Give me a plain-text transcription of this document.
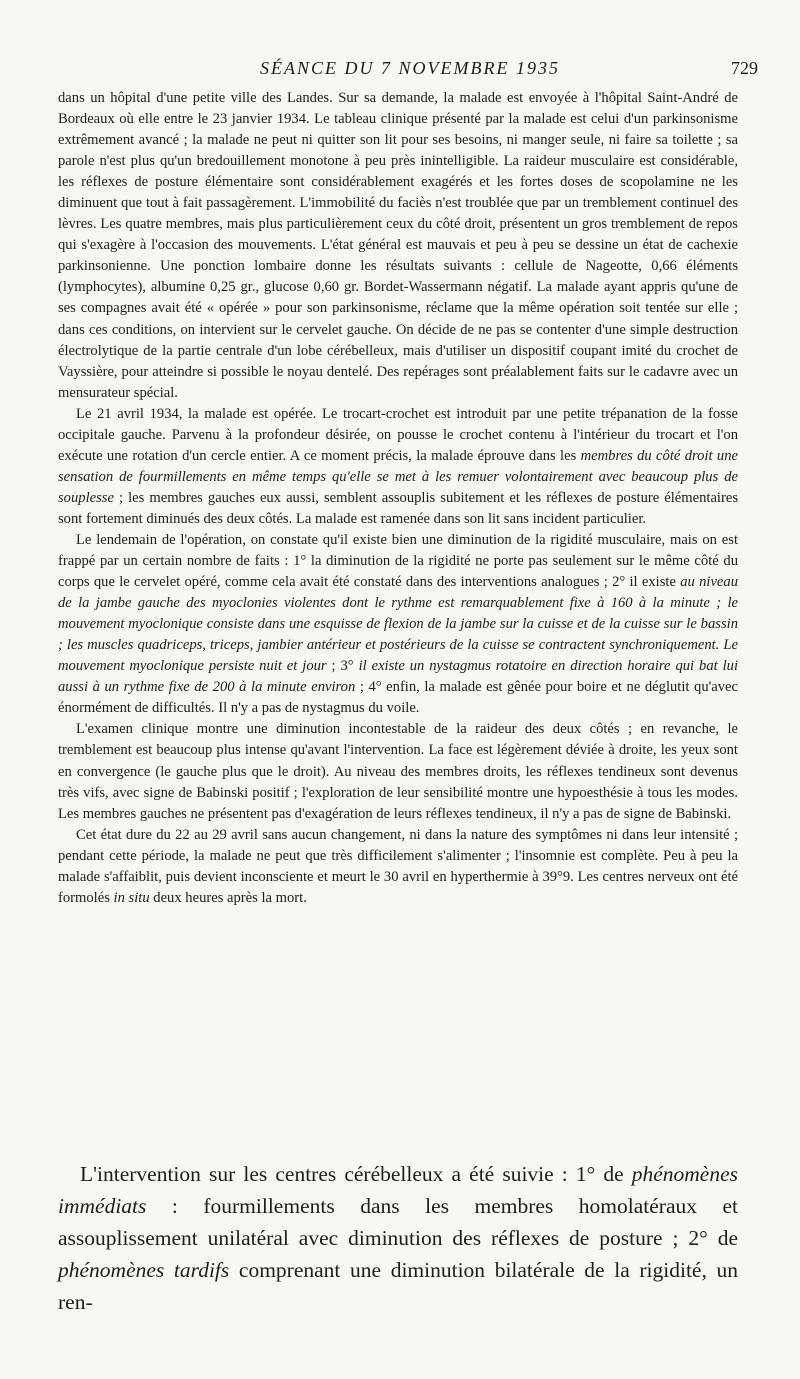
SÉANCE DU 7 NOVEMBRE 1935	729

dans un hôpital d'une petite ville des Landes. Sur sa demande, la malade est envoyée à l'hôpital Saint-André de Bordeaux où elle entre le 23 janvier 1934. Le tableau clinique présenté par la malade est celui d'un parkinsonisme extrêmement avancé ; la malade ne peut ni quitter son lit pour ses besoins, ni manger seule, ni faire sa toilette ; sa parole n'est plus qu'un bredouillement monotone à peu près inintelligible. La raideur musculaire est considérable, les réflexes de posture élémentaire sont considérablement exagérés et les fortes doses de scopolamine ne les diminuent que tout à fait passagèrement. L'immobilité du faciès n'est troublée que par un tremblement continuel des lèvres. Les quatre membres, mais plus particulièrement ceux du côté droit, présentent un gros tremblement de repos qui s'exagère à l'occasion des mouvements. L'état général est mauvais et peu à peu se dessine un état de cachexie parkinsonienne. Une ponction lombaire donne les résultats suivants : cellule de Nageotte, 0,66 éléments (lymphocytes), albumine 0,25 gr., glucose 0,60 gr. Bordet-Wassermann négatif. La malade ayant appris qu'une de ses compagnes avait été « opérée » pour son parkinsonisme, réclame que la même opération soit tentée sur elle ; dans ces conditions, on intervient sur le cervelet gauche. On décide de ne pas se contenter d'une simple destruction électrolytique de la partie centrale d'un lobe cérébelleux, mais d'utiliser un dispositif coupant imité du crochet de Vayssière, pour atteindre si possible le noyau dentelé. Des repérages sont préalablement faits sur le cadavre avec un mensurateur spécial.

Le 21 avril 1934, la malade est opérée. Le trocart-crochet est introduit par une petite trépanation de la fosse occipitale gauche. Parvenu à la profondeur désirée, on pousse le crochet contenu à l'intérieur du trocart et l'on exécute une rotation d'un cercle entier. A ce moment précis, la malade éprouve dans les membres du côté droit une sensation de fourmillements en même temps qu'elle se met à les remuer volontairement avec beaucoup plus de souplesse ; les membres gauches eux aussi, semblent assouplis subitement et les réflexes de posture élémentaires sont fortement diminués des deux côtés. La malade est ramenée dans son lit sans incident particulier.

Le lendemain de l'opération, on constate qu'il existe bien une diminution de la rigidité musculaire, mais on est frappé par un certain nombre de faits : 1° la diminution de la rigidité ne porte pas seulement sur le même côté du corps que le cervelet opéré, comme cela avait été constaté dans des interventions analogues ; 2° il existe au niveau de la jambe gauche des myoclonies violentes dont le rythme est remarquablement fixe à 160 à la minute ; le mouvement myoclonique consiste dans une esquisse de flexion de la jambe sur la cuisse et de la cuisse sur le bassin ; les muscles quadriceps, triceps, jambier antérieur et postérieurs de la cuisse se contractent synchroniquement. Le mouvement myoclonique persiste nuit et jour ; 3° il existe un nystagmus rotatoire en direction horaire qui bat lui aussi à un rythme fixe de 200 à la minute environ ; 4° enfin, la malade est gênée pour boire et ne déglutit qu'avec énormément de difficultés. Il n'y a pas de nystagmus du voile.

L'examen clinique montre une diminution incontestable de la raideur des deux côtés ; en revanche, le tremblement est beaucoup plus intense qu'avant l'intervention. La face est légèrement déviée à droite, les yeux sont en convergence (le gauche plus que le droit). Au niveau des membres droits, les réflexes tendineux sont devenus très vifs, avec signe de Babinski positif ; l'exploration de leur sensibilité montre une hypoesthésie à tous les modes. Les membres gauches ne présentent pas d'exagération de leurs réflexes tendineux, il n'y a pas de signe de Babinski.

Cet état dure du 22 au 29 avril sans aucun changement, ni dans la nature des symptômes ni dans leur intensité ; pendant cette période, la malade ne peut que très difficilement s'alimenter ; l'insomnie est complète. Peu à peu la malade s'affaiblit, puis devient inconsciente et meurt le 30 avril en hyperthermie à 39°9. Les centres nerveux ont été formolés in situ deux heures après la mort.

L'intervention sur les centres cérébelleux a été suivie : 1° de phénomènes immédiats : fourmillements dans les membres homolatéraux et assouplissement unilatéral avec diminution des réflexes de posture ; 2° de phénomènes tardifs comprenant une diminution bilatérale de la rigidité, un ren-
